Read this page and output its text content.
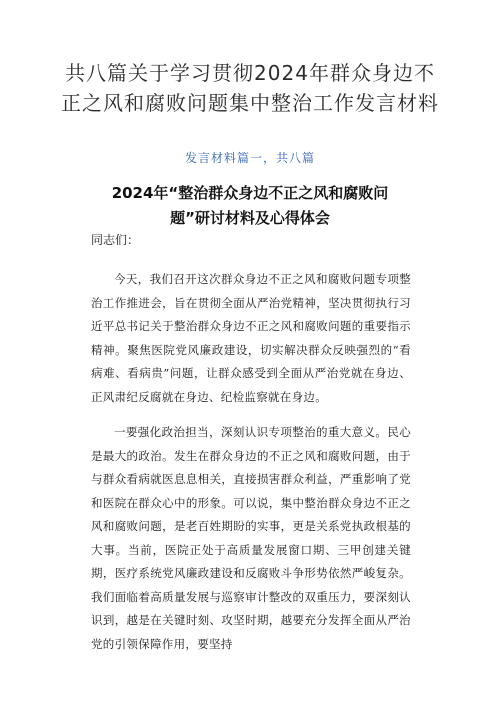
共八篇关于学习贯彻2024年群众身边不正之风和腐败问题集中整治工作发言材料

发言材料篇一，共八篇

2024年“整治群众身边不正之风和腐败问题”研讨材料及心得体会

同志们：

今天，我们召开这次群众身边不正之风和腐败问题专项整治工作推进会，旨在贯彻全面从严治党精神，坚决贯彻执行习近平总书记关于整治群众身边不正之风和腐败问题的重要指示精神。聚焦医院党风廉政建设，切实解决群众反映强烈的“看病难、看病贵”问题，让群众感受到全面从严治党就在身边、正风肃纪反腐就在身边、纪检监察就在身边。

一要强化政治担当，深刻认识专项整治的重大意义。民心是最大的政治。发生在群众身边的不正之风和腐败问题，由于与群众看病就医息息相关，直接损害群众利益，严重影响了党和医院在群众心中的形象。可以说，集中整治群众身边不正之风和腐败问题，是老百姓期盼的实事，更是关系党执政根基的大事。当前，医院正处于高质量发展窗口期、三甲创建关键期，医疗系统党风廉政建设和反腐败斗争形势依然严峻复杂。我们面临着高质量发展与巡察审计整改的双重压力，要深刻认识到，越是在关键时刻、攻坚时期，越要充分发挥全面从严治党的引领保障作用，要坚持
